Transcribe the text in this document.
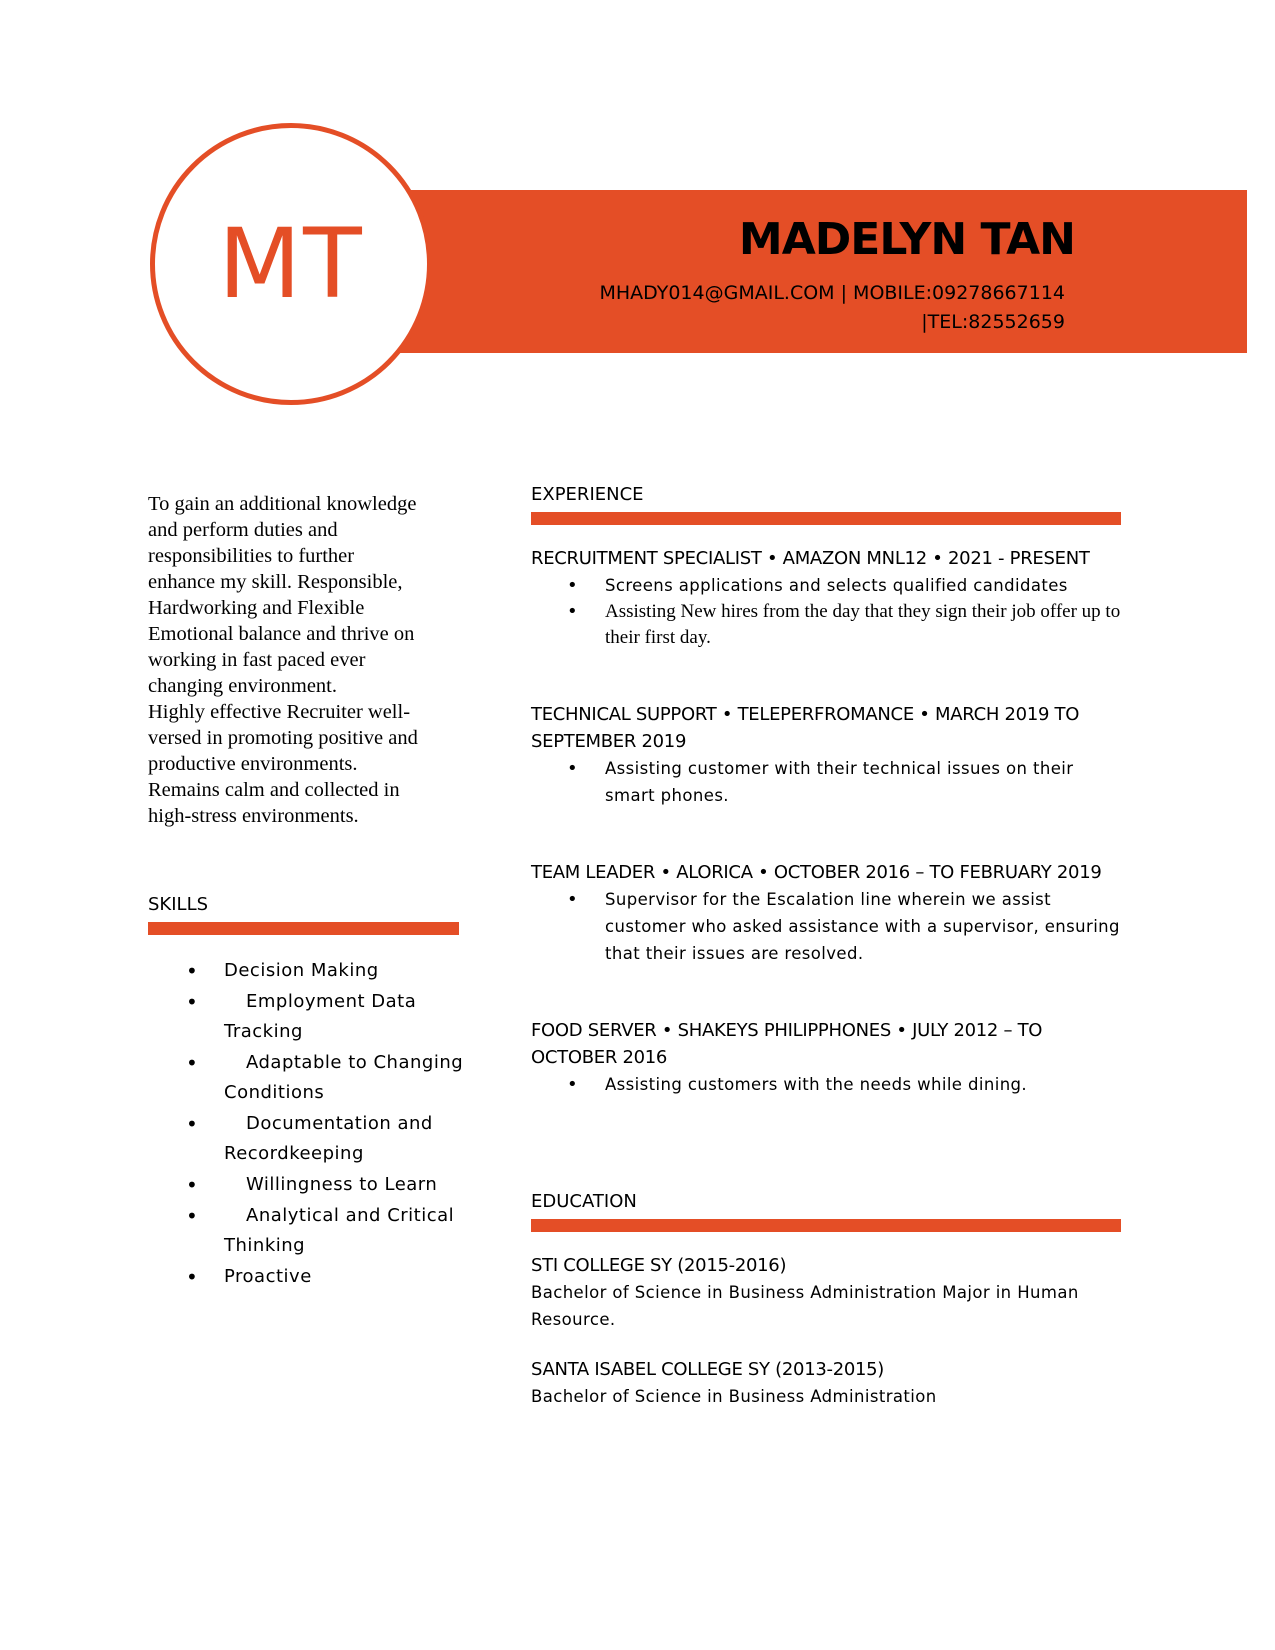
MT	MADELYN TAN
MHADY014@GMAIL.COM | MOBILE:09278667114
|TEL:82552659
To gain an additional knowledge
and perform duties and
responsibilities to further
enhance my skill. Responsible,
Hardworking and Flexible
Emotional balance and thrive on
working in fast paced ever
changing environment.
Highly effective Recruiter well-
versed in promoting positive and
productive environments.
Remains calm and collected in
high-stress environments.
SKILLS
• Decision Making
• Employment Data Tracking
• Adaptable to Changing Conditions
• Documentation and Recordkeeping
• Willingness to Learn
• Analytical and Critical Thinking
• Proactive
EXPERIENCE
RECRUITMENT SPECIALIST • AMAZON MNL12 • 2021 - PRESENT
• Screens applications and selects qualified candidates
• Assisting New hires from the day that they sign their job offer up to their first day.
TECHNICAL SUPPORT • TELEPERFROMANCE • MARCH 2019 TO SEPTEMBER 2019
• Assisting customer with their technical issues on their smart phones.
TEAM LEADER • ALORICA • OCTOBER 2016 – TO FEBRUARY 2019
• Supervisor for the Escalation line wherein we assist customer who asked assistance with a supervisor, ensuring that their issues are resolved.
FOOD SERVER • SHAKEYS PHILIPPHONES • JULY 2012 – TO OCTOBER 2016
• Assisting customers with the needs while dining.
EDUCATION
STI COLLEGE SY (2015-2016)
Bachelor of Science in Business Administration Major in Human Resource.
SANTA ISABEL COLLEGE SY (2013-2015)
Bachelor of Science in Business Administration
